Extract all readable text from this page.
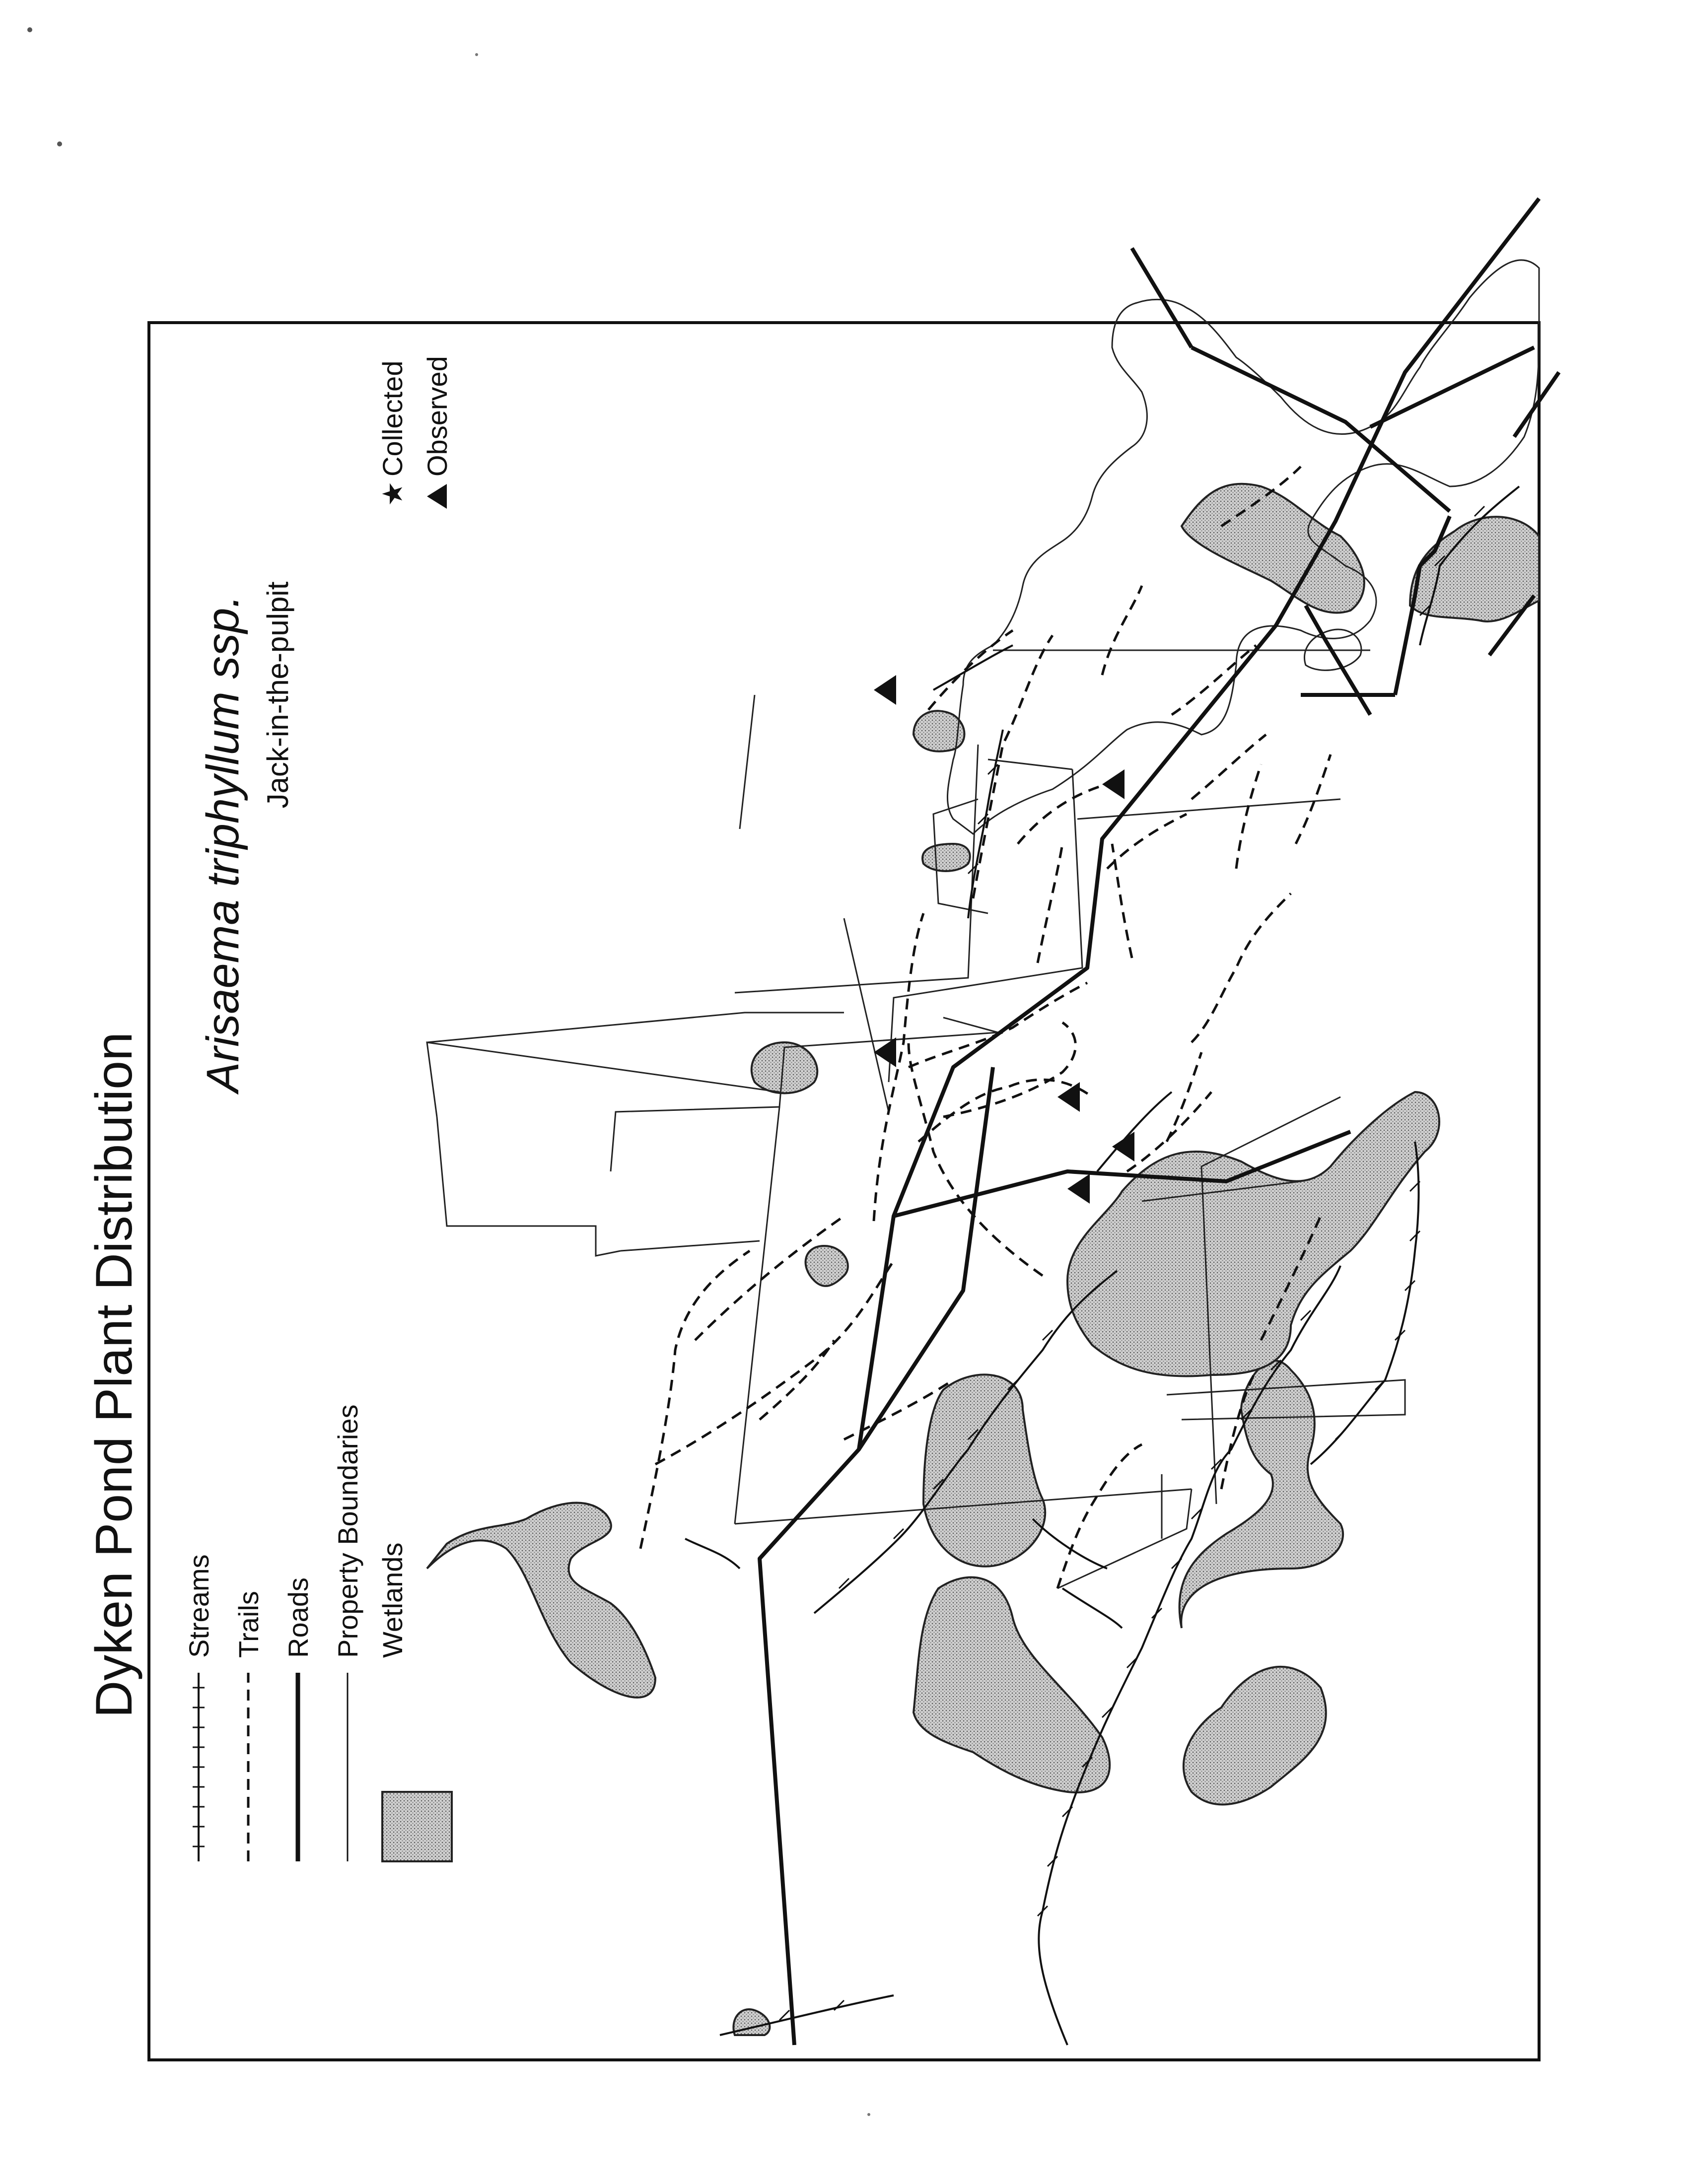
Dyken Pond Plant Distribution
Arisaema triphyllum ssp. Jack-in-the-pulpit
★
Collected Observed
Streams Trails Roads Property Boundaries Wetlands
